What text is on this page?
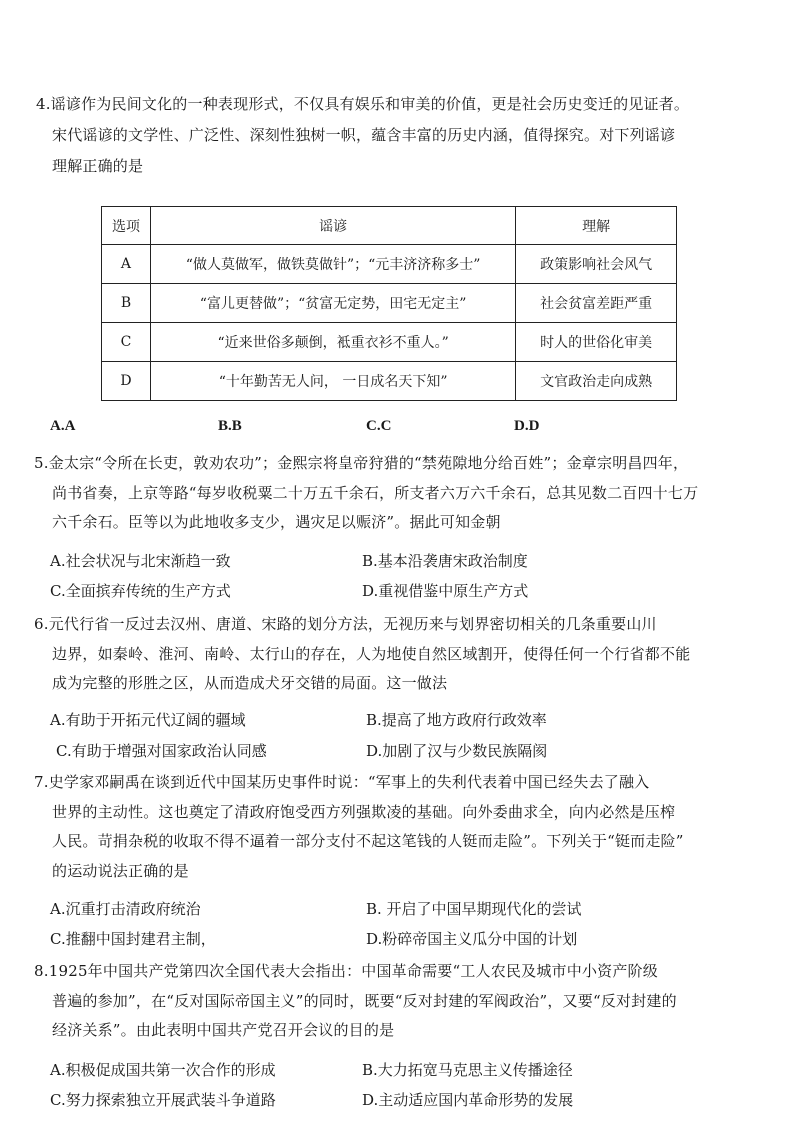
4.谣谚作为民间文化的一种表现形式，不仅具有娱乐和审美的价值，更是社会历史变迁的见证者。
宋代谣谚的文学性、广泛性、深刻性独树一帜，蕴含丰富的历史内涵，值得探究。对下列谣谚
理解正确的是
选项	谣谚	理解
A	“做人莫做军，做铁莫做针”；“元丰济济称多士”	政策影响社会风气
B	“富儿更替做”；“贫富无定势，田宅无定主”	社会贫富差距严重
C	“近来世俗多颠倒，袛重衣衫不重人。”	时人的世俗化审美
D	“十年勤苦无人问， 一日成名天下知”	文官政治走向成熟
A.A	B.B	C.C	D.D
5.金太宗“令所在长吏，敦劝农功”；金熙宗将皇帝狩猎的“禁苑隙地分给百姓”；金章宗明昌四年，
尚书省奏，上京等路“每岁收税粟二十万五千余石，所支者六万六千余石，总其见数二百四十七万
六千余石。臣等以为此地收多支少，遇灾足以赈济”。据此可知金朝
A.社会状况与北宋渐趋一致	B.基本沿袭唐宋政治制度
C.全面摈弃传统的生产方式	D.重视借鉴中原生产方式
6.元代行省一反过去汉州、唐道、宋路的划分方法，无视历来与划界密切相关的几条重要山川
边界，如秦岭、淮河、南岭、太行山的存在，人为地使自然区域割开，使得任何一个行省都不能
成为完整的形胜之区，从而造成犬牙交错的局面。这一做法
A.有助于开拓元代辽阔的疆域	B.提高了地方政府行政效率
C.有助于增强对国家政治认同感	D.加剧了汉与少数民族隔阂
7.史学家邓嗣禹在谈到近代中国某历史事件时说：“军事上的失利代表着中国已经失去了融入
世界的主动性。这也奠定了清政府饱受西方列强欺凌的基础。向外委曲求全，向内必然是压榨
人民。苛捐杂税的收取不得不逼着一部分支付不起这笔钱的人铤而走险”。下列关于“铤而走险”
的运动说法正确的是
A.沉重打击清政府统治	B. 开启了中国早期现代化的尝试
C.推翻中国封建君主制，	D.粉碎帝国主义瓜分中国的计划
8.1925年中国共产党第四次全国代表大会指出：中国革命需要“工人农民及城市中小资产阶级
普遍的参加”，在“反对国际帝国主义”的同时，既要“反对封建的军阀政治”，又要“反对封建的
经济关系”。由此表明中国共产党召开会议的目的是
A.积极促成国共第一次合作的形成	B.大力拓宽马克思主义传播途径
C.努力探索独立开展武装斗争道路	D.主动适应国内革命形势的发展
